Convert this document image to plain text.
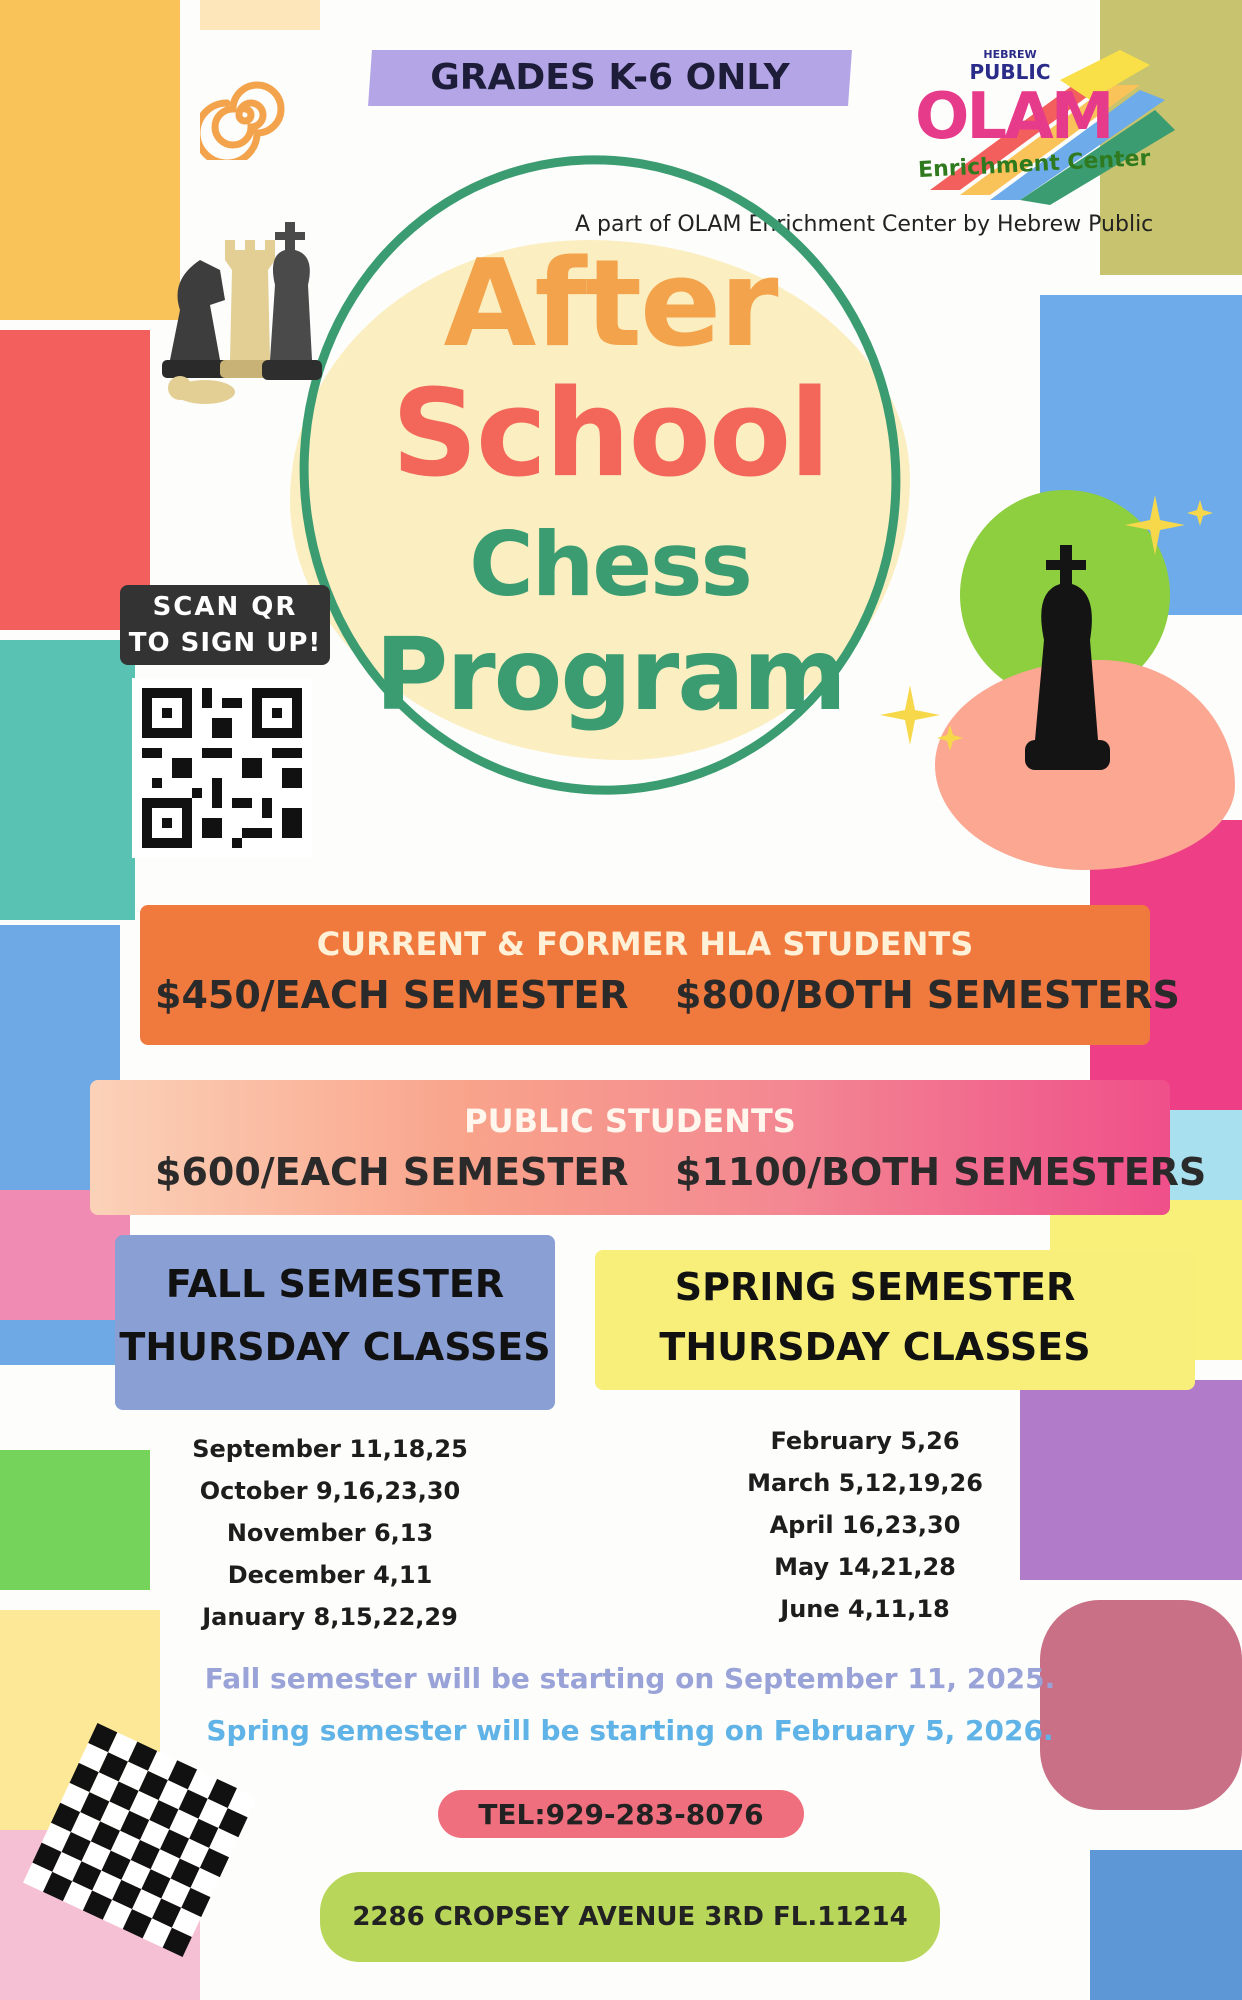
GRADES K-6 ONLY
HEBREW
PUBLIC
OLAM
Enrichment Center
A part of OLAM Enrichment Center by Hebrew Public
After
School
Chess
Program
SCAN QR
TO SIGN UP!
CURRENT & FORMER HLA STUDENTS
$450/EACH SEMESTER $800/BOTH SEMESTERS
PUBLIC STUDENTS
$600/EACH SEMESTER $1100/BOTH SEMESTERS
FALL SEMESTER
THURSDAY CLASSES
SPRING SEMESTER
THURSDAY CLASSES
September 11,18,25
October 9,16,23,30
November 6,13
December 4,11
January 8,15,22,29
February 5,26
March 5,12,19,26
April 16,23,30
May 14,21,28
June 4,11,18
Fall semester will be starting on September 11, 2025.
Spring semester will be starting on February 5, 2026.
TEL:929-283-8076
2286 CROPSEY AVENUE 3RD FL.11214
